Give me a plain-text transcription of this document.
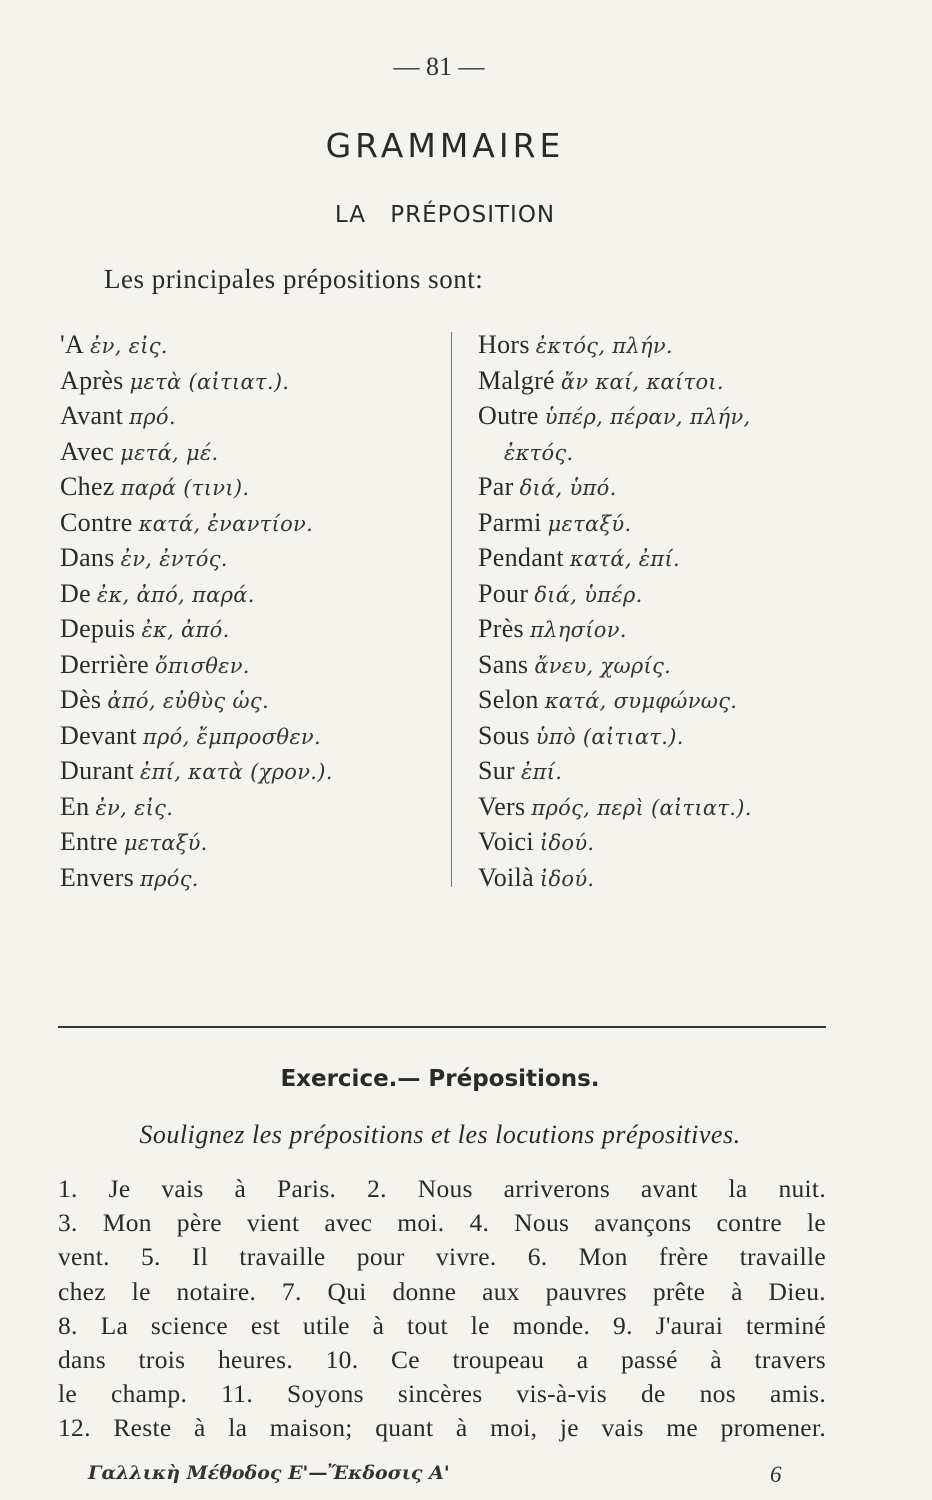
— 81 —
GRAMMAIRE
LA PRÉPOSITION
Les principales prépositions sont:
'A ἐν, εἰς.
Après μετὰ (αἰτιατ.).
Avant πρό.
Avec μετά, μέ.
Chez παρά (τινι).
Contre κατά, ἐναντίον.
Dans ἐν, ἐντός.
De ἐκ, ἀπό, παρά.
Depuis ἐκ, ἀπό.
Derrière ὄπισθεν.
Dès ἀπό, εὐθὺς ὡς.
Devant πρό, ἔμπροσθεν.
Durant ἐπί, κατὰ (χρον.).
En ἐν, εἰς.
Entre μεταξύ.
Envers πρός.
Hors ἐκτός, πλήν.
Malgré ἄν καί, καίτοι.
Outre ὑπέρ, πέραν, πλήν,
ἐκτός.
Par διά, ὑπό.
Parmi μεταξύ.
Pendant κατά, ἐπί.
Pour διά, ὑπέρ.
Près πλησίον.
Sans ἄνευ, χωρίς.
Selon κατά, συμφώνως.
Sous ὑπὸ (αἰτιατ.).
Sur ἐπί.
Vers πρός, περὶ (αἰτιατ.).
Voici ἰδού.
Voilà ἰδού.
Exercice.— Prépositions.
Soulignez les prépositions et les locutions prépositives.
1. Je vais à Paris. 2. Nous arriverons avant la nuit.
3. Mon père vient avec moi. 4. Nous avançons contre le
vent. 5. Il travaille pour vivre. 6. Mon frère travaille
chez le notaire. 7. Qui donne aux pauvres prête à Dieu.
8. La science est utile à tout le monde. 9. J'aurai terminé
dans trois heures. 10. Ce troupeau a passé à travers
le champ. 11. Soyons sincères vis-à-vis de nos amis.
12. Reste à la maison; quant à moi, je vais me promener.
Γαλλικὴ Μέθοδος Ε'—Ἔκδοσις Α'	6
